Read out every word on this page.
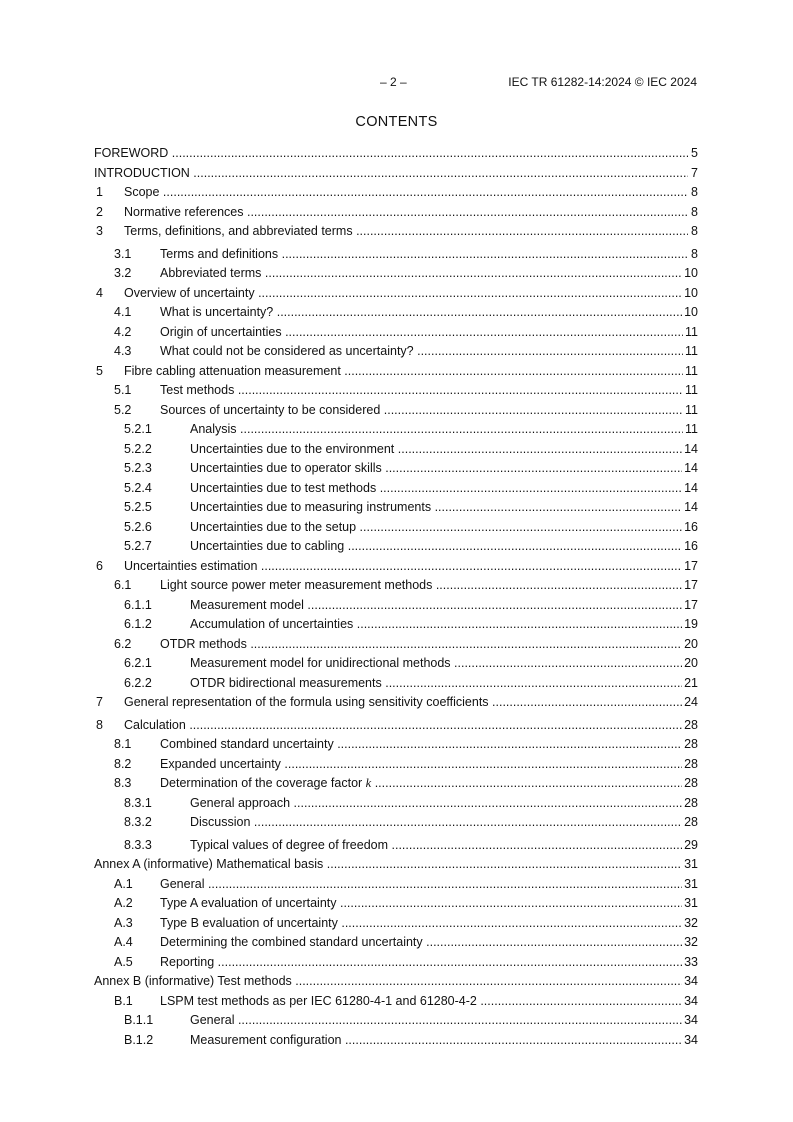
– 2 –	IEC TR 61282-14:2024 © IEC 2024
CONTENTS
FOREWORD .....	5
INTRODUCTION .....	7
1 Scope .....	8
2 Normative references .....	8
3 Terms, definitions, and abbreviated terms .....	8
3.1 Terms and definitions .....	8
3.2 Abbreviated terms .....	10
4 Overview of uncertainty .....	10
4.1 What is uncertainty? .....	10
4.2 Origin of uncertainties .....	11
4.3 What could not be considered as uncertainty? .....	11
5 Fibre cabling attenuation measurement .....	11
5.1 Test methods .....	11
5.2 Sources of uncertainty to be considered .....	11
5.2.1	Analysis .....	11
5.2.2	Uncertainties due to the environment .....	14
5.2.3	Uncertainties due to operator skills .....	14
5.2.4	Uncertainties due to test methods .....	14
5.2.5	Uncertainties due to measuring instruments .....	14
5.2.6	Uncertainties due to the setup .....	16
5.2.7	Uncertainties due to cabling .....	16
6 Uncertainties estimation .....	17
6.1 Light source power meter measurement methods .....	17
6.1.1	Measurement model .....	17
6.1.2	Accumulation of uncertainties .....	19
6.2 OTDR methods .....	20
6.2.1	Measurement model for unidirectional methods .....	20
6.2.2	OTDR bidirectional measurements .....	21
7 General representation of the formula using sensitivity coefficients .....	24
8 Calculation .....	28
8.1 Combined standard uncertainty .....	28
8.2 Expanded uncertainty .....	28
8.3 Determination of the coverage factor k .....	28
8.3.1	General approach .....	28
8.3.2	Discussion .....	28
8.3.3	Typical values of degree of freedom .....	29
Annex A (informative) Mathematical basis .....	31
A.1 General .....	31
A.2 Type A evaluation of uncertainty .....	31
A.3 Type B evaluation of uncertainty .....	32
A.4 Determining the combined standard uncertainty .....	32
A.5 Reporting .....	33
Annex B (informative) Test methods .....	34
B.1 LSPM test methods as per IEC 61280-4-1 and 61280-4-2 .....	34
B.1.1	General .....	34
B.1.2	Measurement configuration .....	34
